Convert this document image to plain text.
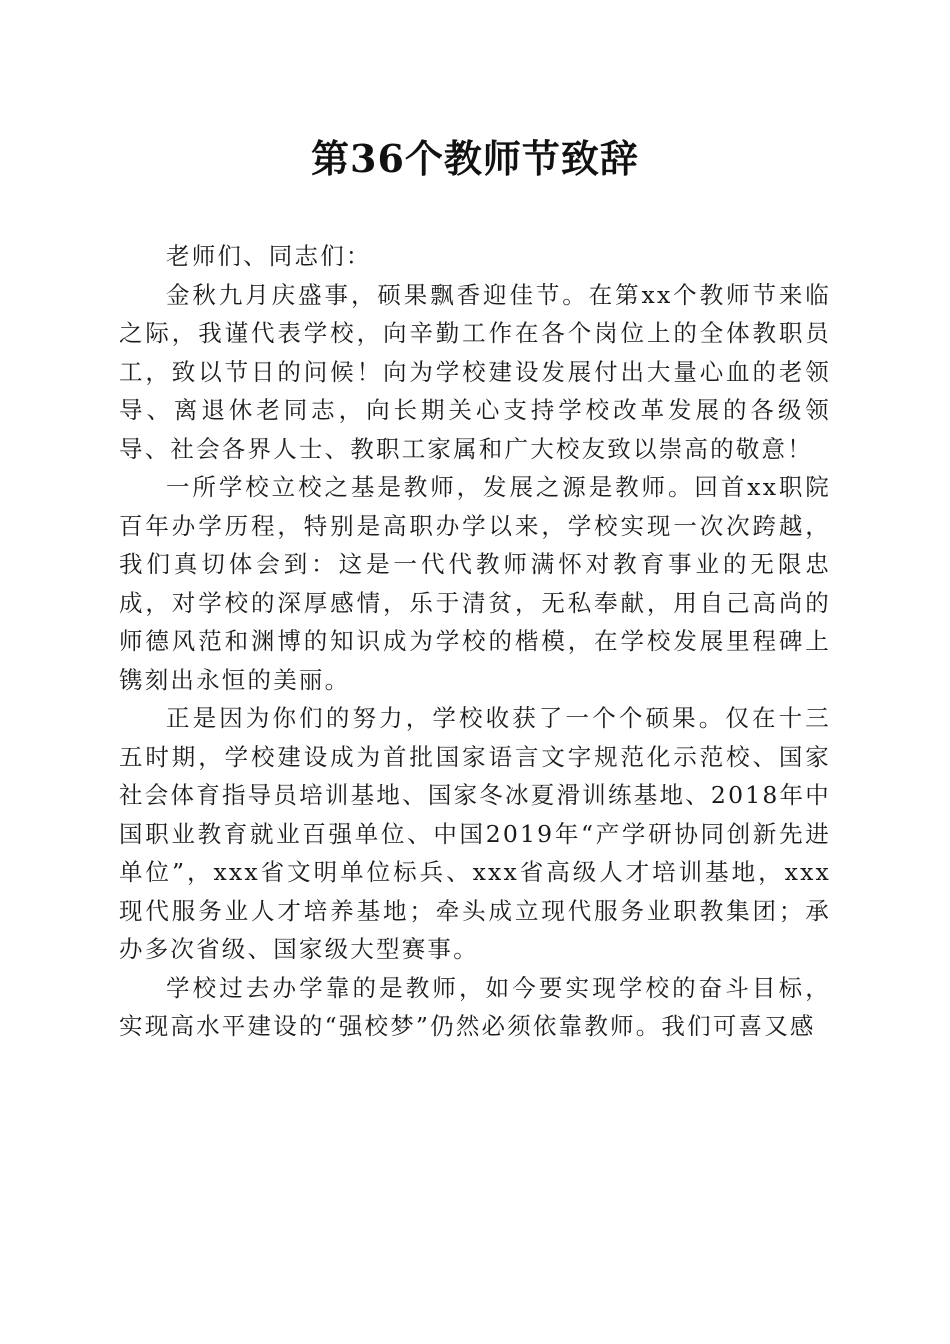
第36个教师节致辞

老师们、同志们：

金秋九月庆盛事，硕果飘香迎佳节。在第xx个教师节来临之际，我谨代表学校，向辛勤工作在各个岗位上的全体教职员工，致以节日的问候！向为学校建设发展付出大量心血的老领导、离退休老同志，向长期关心支持学校改革发展的各级领导、社会各界人士、教职工家属和广大校友致以崇高的敬意！

一所学校立校之基是教师，发展之源是教师。回首xx职院百年办学历程，特别是高职办学以来，学校实现一次次跨越，我们真切体会到：这是一代代教师满怀对教育事业的无限忠成，对学校的深厚感情，乐于清贫，无私奉献，用自己高尚的师德风范和渊博的知识成为学校的楷模，在学校发展里程碑上镌刻出永恒的美丽。

正是因为你们的努力，学校收获了一个个硕果。仅在十三五时期，学校建设成为首批国家语言文字规范化示范校、国家社会体育指导员培训基地、国家冬冰夏滑训练基地、2018年中国职业教育就业百强单位、中国2019年“产学研协同创新先进单位”，xxx省文明单位标兵、xxx省高级人才培训基地，xxx现代服务业人才培养基地；牵头成立现代服务业职教集团；承办多次省级、国家级大型赛事。

学校过去办学靠的是教师，如今要实现学校的奋斗目标，实现高水平建设的“强校梦”仍然必须依靠教师。我们可喜又感
